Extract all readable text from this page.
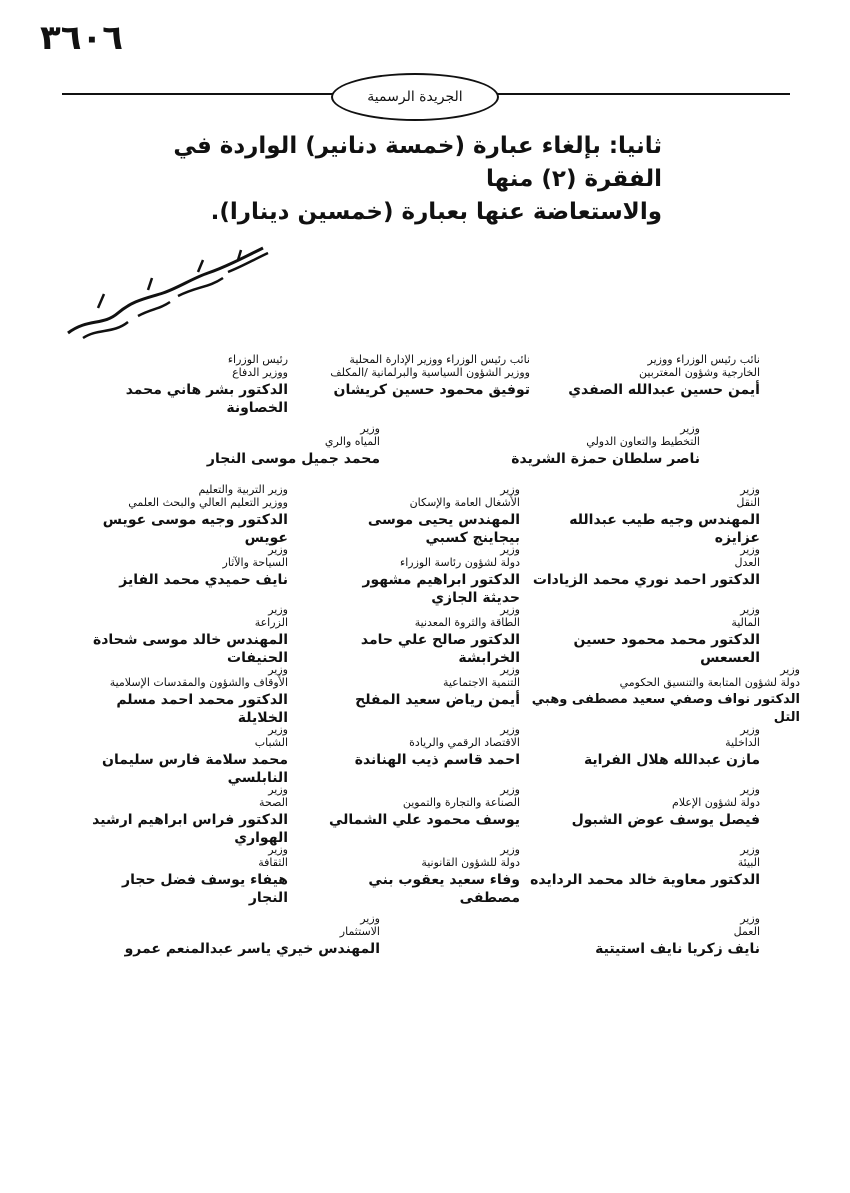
٣٦٠٦
الجريدة الرسمية
ثانيا: بإلغاء عبارة (خمسة دنانير) الواردة في الفقرة (٢) منها
والاستعاضة عنها بعبارة (خمسين دينارا).
نائب رئيس الوزراء ووزير
الخارجية وشؤون المغتربين
أيمن حسين عبدالله الصفدي
نائب رئيس الوزراء ووزير الإدارة المحلية
ووزير الشؤون السياسية والبرلمانية /المكلف
توفيق محمود حسين كريشان
رئيس الوزراء
ووزير الدفاع
الدكتور بشر هاني محمد الخصاونة
وزير
التخطيط والتعاون الدولي
ناصر سلطان حمزة الشريدة
وزير
المياه والري
محمد جميل موسى النجار
وزير
النقل
المهندس وجيه طيب عبدالله عزايزه
وزير
الأشغال العامة والإسكان
المهندس يحيى موسى بيجاينج كسبي
وزير التربية والتعليم
ووزير التعليم العالي والبحث العلمي
الدكتور وجيه موسى عويس عويس
وزير
العدل
الدكتور احمد نوري محمد الزيادات
وزير
دولة لشؤون رئاسة الوزراء
الدكتور ابراهيم مشهور حديثة الجازي
وزير
السياحة والآثار
نايف حميدي محمد الفايز
وزير
المالية
الدكتور محمد محمود حسين العسعس
وزير
الطاقة والثروة المعدنية
الدكتور صالح علي حامد الخرابشة
وزير
الزراعة
المهندس خالد موسى شحادة الحنيفات
وزير
دولة لشؤون المتابعة والتنسيق الحكومي
الدكتور نواف وصفي سعيد مصطفى وهبي التل
وزير
التنمية الاجتماعية
أيمن رياض سعيد المفلح
وزير
الأوقاف والشؤون والمقدسات الإسلامية
الدكتور محمد احمد مسلم الخلايلة
وزير
الداخلية
مازن عبدالله هلال الفراية
وزير
الاقتصاد الرقمي والريادة
احمد قاسم ذيب الهناندة
وزير
الشباب
محمد سلامة فارس سليمان النابلسي
وزير
دولة لشؤون الإعلام
فيصل يوسف عوض الشبول
وزير
الصناعة والتجارة والتموين
يوسف محمود علي الشمالي
وزير
الصحة
الدكتور فراس ابراهيم ارشيد الهواري
وزير
البيئة
الدكتور معاوية خالد محمد الردايده
وزير
دولة للشؤون القانونية
وفاء سعيد يعقوب بني مصطفى
وزير
الثقافة
هيفاء يوسف فضل حجار النجار
وزير
العمل
نايف زكريا نايف استيتية
وزير
الاستثمار
المهندس خيري ياسر عبدالمنعم عمرو
